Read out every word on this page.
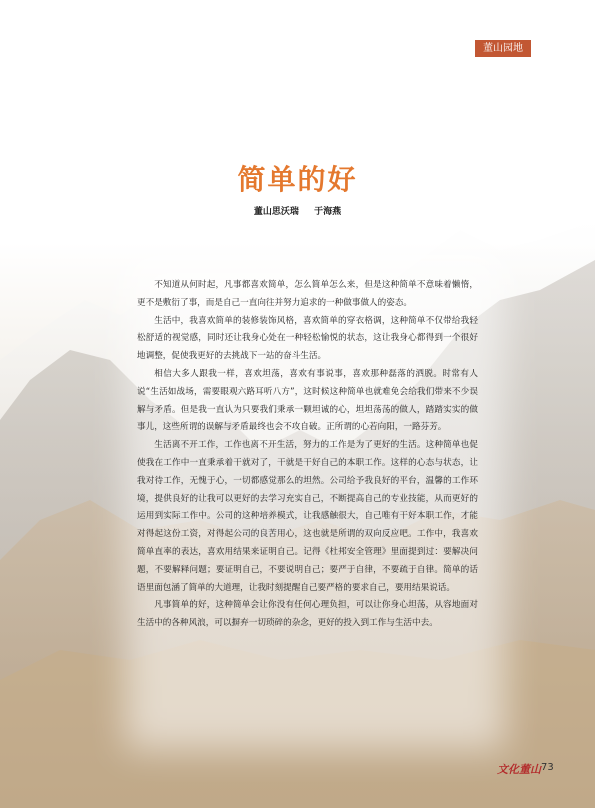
董山园地
简单的好
董山思沃瑞 于海燕

不知道从何时起，凡事都喜欢简单，怎么简单怎么来，但是这种简单不意味着懒惰，更不是敷衍了事，而是自己一直向往并努力追求的一种做事做人的姿态。

生活中，我喜欢简单的装修装饰风格，喜欢简单的穿衣格调，这种简单不仅带给我轻松舒适的视觉感，同时还让我身心处在一种轻松愉悦的状态，这让我身心都得到一个很好地调整，促使我更好的去挑战下一站的奋斗生活。

相信大多人跟我一样，喜欢坦荡，喜欢有事说事，喜欢那种磊落的洒脱。时常有人说“生活如战场，需要眼观六路耳听八方”，这时候这种简单也就难免会给我们带来不少误解与矛盾。但是我一直认为只要我们秉承一颗坦诚的心，坦坦荡荡的做人，踏踏实实的做事儿，这些所谓的误解与矛盾最终也会不攻自破。正所谓的心若向阳，一路芬芳。

生活离不开工作，工作也离不开生活，努力的工作是为了更好的生活。这种简单也促使我在工作中一直秉承着干就对了，干就是干好自己的本职工作。这样的心态与状态，让我对待工作，无愧于心，一切都感觉那么的坦然。公司给予我良好的平台，温馨的工作环境，提供良好的让我可以更好的去学习充实自己，不断提高自己的专业技能，从而更好的运用到实际工作中。公司的这种培养模式，让我感触很大，自己唯有干好本职工作，才能对得起这份工资，对得起公司的良苦用心，这也就是所谓的双向反应吧。工作中，我喜欢简单直率的表达，喜欢用结果来证明自己。记得《杜邦安全管理》里面提到过：要解决问题，不要解释问题；要证明自己，不要说明自己；要严于自律，不要疏于自律。简单的话语里面包涵了简单的大道理，让我时刻提醒自己要严格的要求自己，要用结果说话。

凡事简单的好，这种简单会让你没有任何心理负担，可以让你身心坦荡，从容地面对生活中的各种风浪，可以摒弃一切琐碎的杂念，更好的投入到工作与生活中去。

文化董山 73
